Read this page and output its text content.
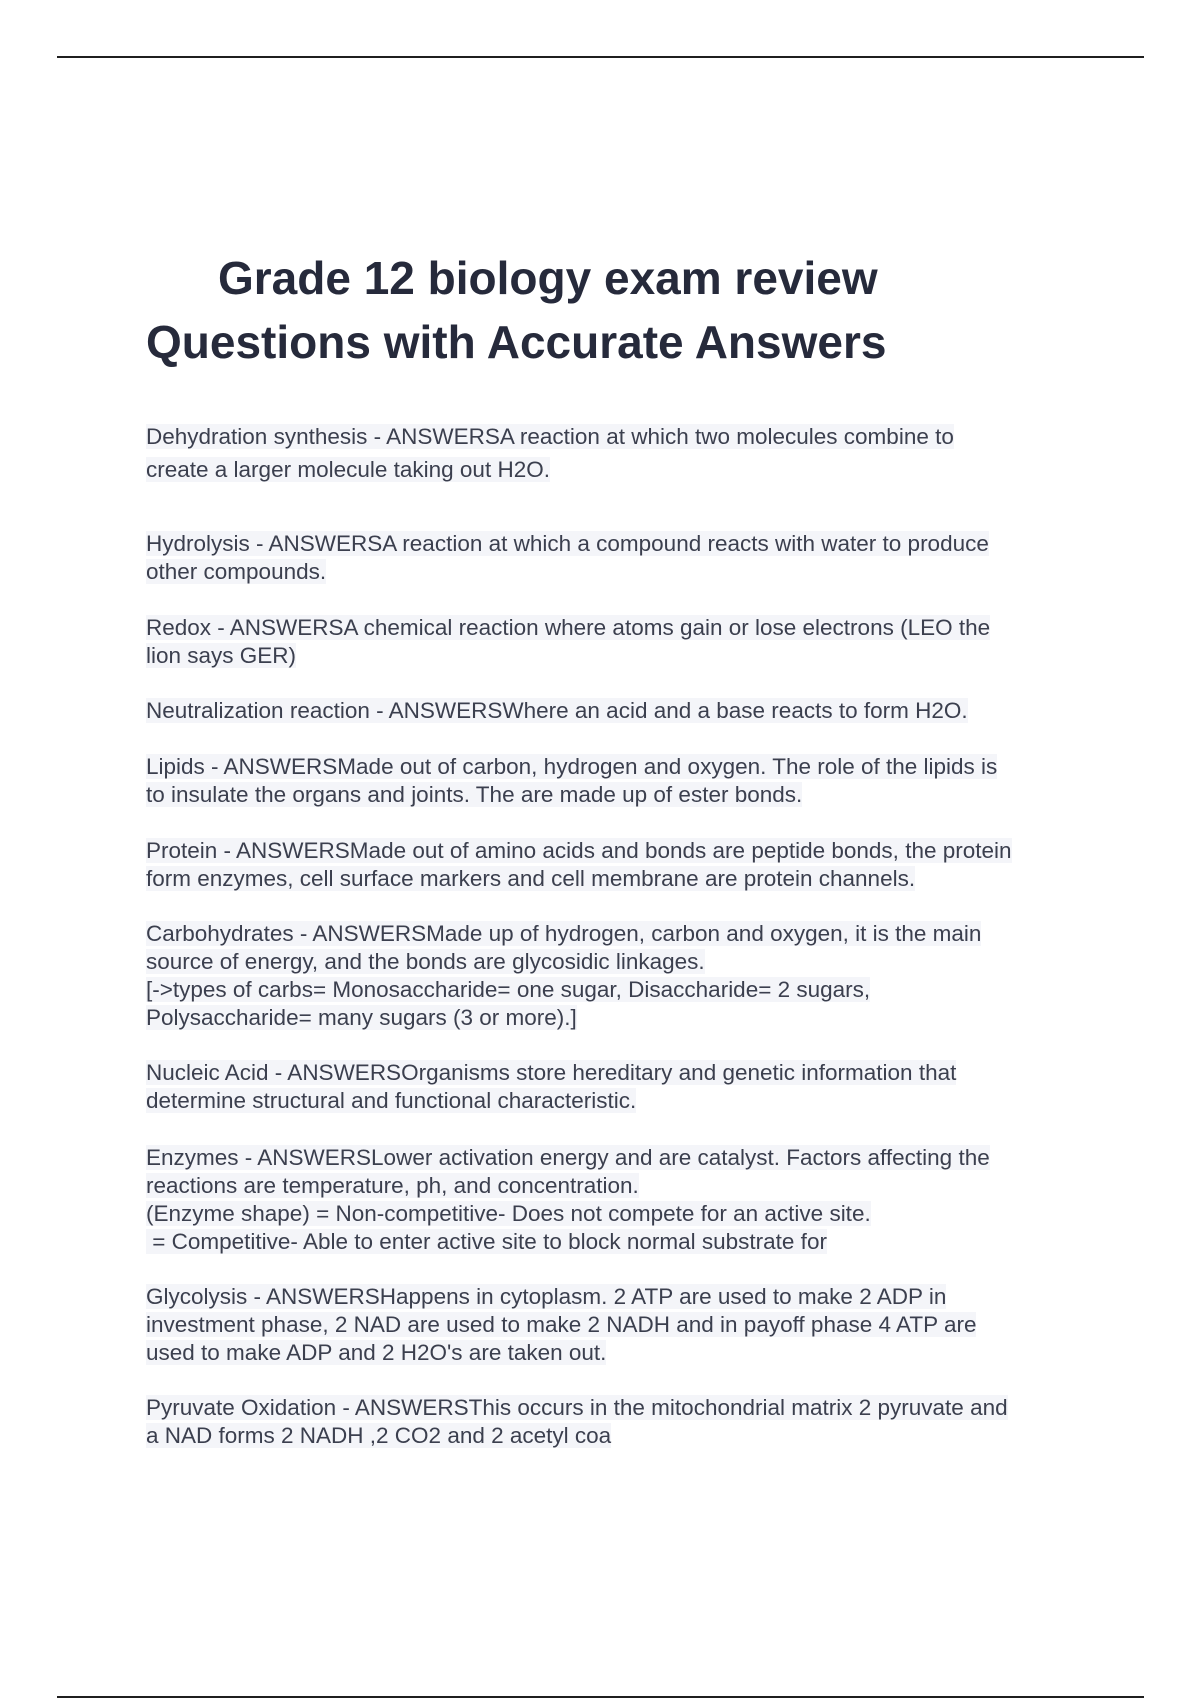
Grade 12 biology exam review
Questions with Accurate Answers
Dehydration synthesis - ANSWERSA reaction at which two molecules combine to
create a larger molecule taking out H2O.
Hydrolysis - ANSWERSA reaction at which a compound reacts with water to produce
other compounds.
Redox - ANSWERSA chemical reaction where atoms gain or lose electrons (LEO the
lion says GER)
Neutralization reaction - ANSWERSWhere an acid and a base reacts to form H2O.
Lipids - ANSWERSMade out of carbon, hydrogen and oxygen. The role of the lipids is
to insulate the organs and joints. The are made up of ester bonds.
Protein - ANSWERSMade out of amino acids and bonds are peptide bonds, the protein
form enzymes, cell surface markers and cell membrane are protein channels.
Carbohydrates - ANSWERSMade up of hydrogen, carbon and oxygen, it is the main
source of energy, and the bonds are glycosidic linkages.
[->types of carbs= Monosaccharide= one sugar, Disaccharide= 2 sugars,
Polysaccharide= many sugars (3 or more).]
Nucleic Acid - ANSWERSOrganisms store hereditary and genetic information that
determine structural and functional characteristic.
Enzymes - ANSWERSLower activation energy and are catalyst. Factors affecting the
reactions are temperature, ph, and concentration.
(Enzyme shape) = Non-competitive- Does not compete for an active site.
= Competitive- Able to enter active site to block normal substrate for
Glycolysis - ANSWERSHappens in cytoplasm. 2 ATP are used to make 2 ADP in
investment phase, 2 NAD are used to make 2 NADH and in payoff phase 4 ATP are
used to make ADP and 2 H2O's are taken out.
Pyruvate Oxidation - ANSWERSThis occurs in the mitochondrial matrix 2 pyruvate and
a NAD forms 2 NADH ,2 CO2 and 2 acetyl coa
